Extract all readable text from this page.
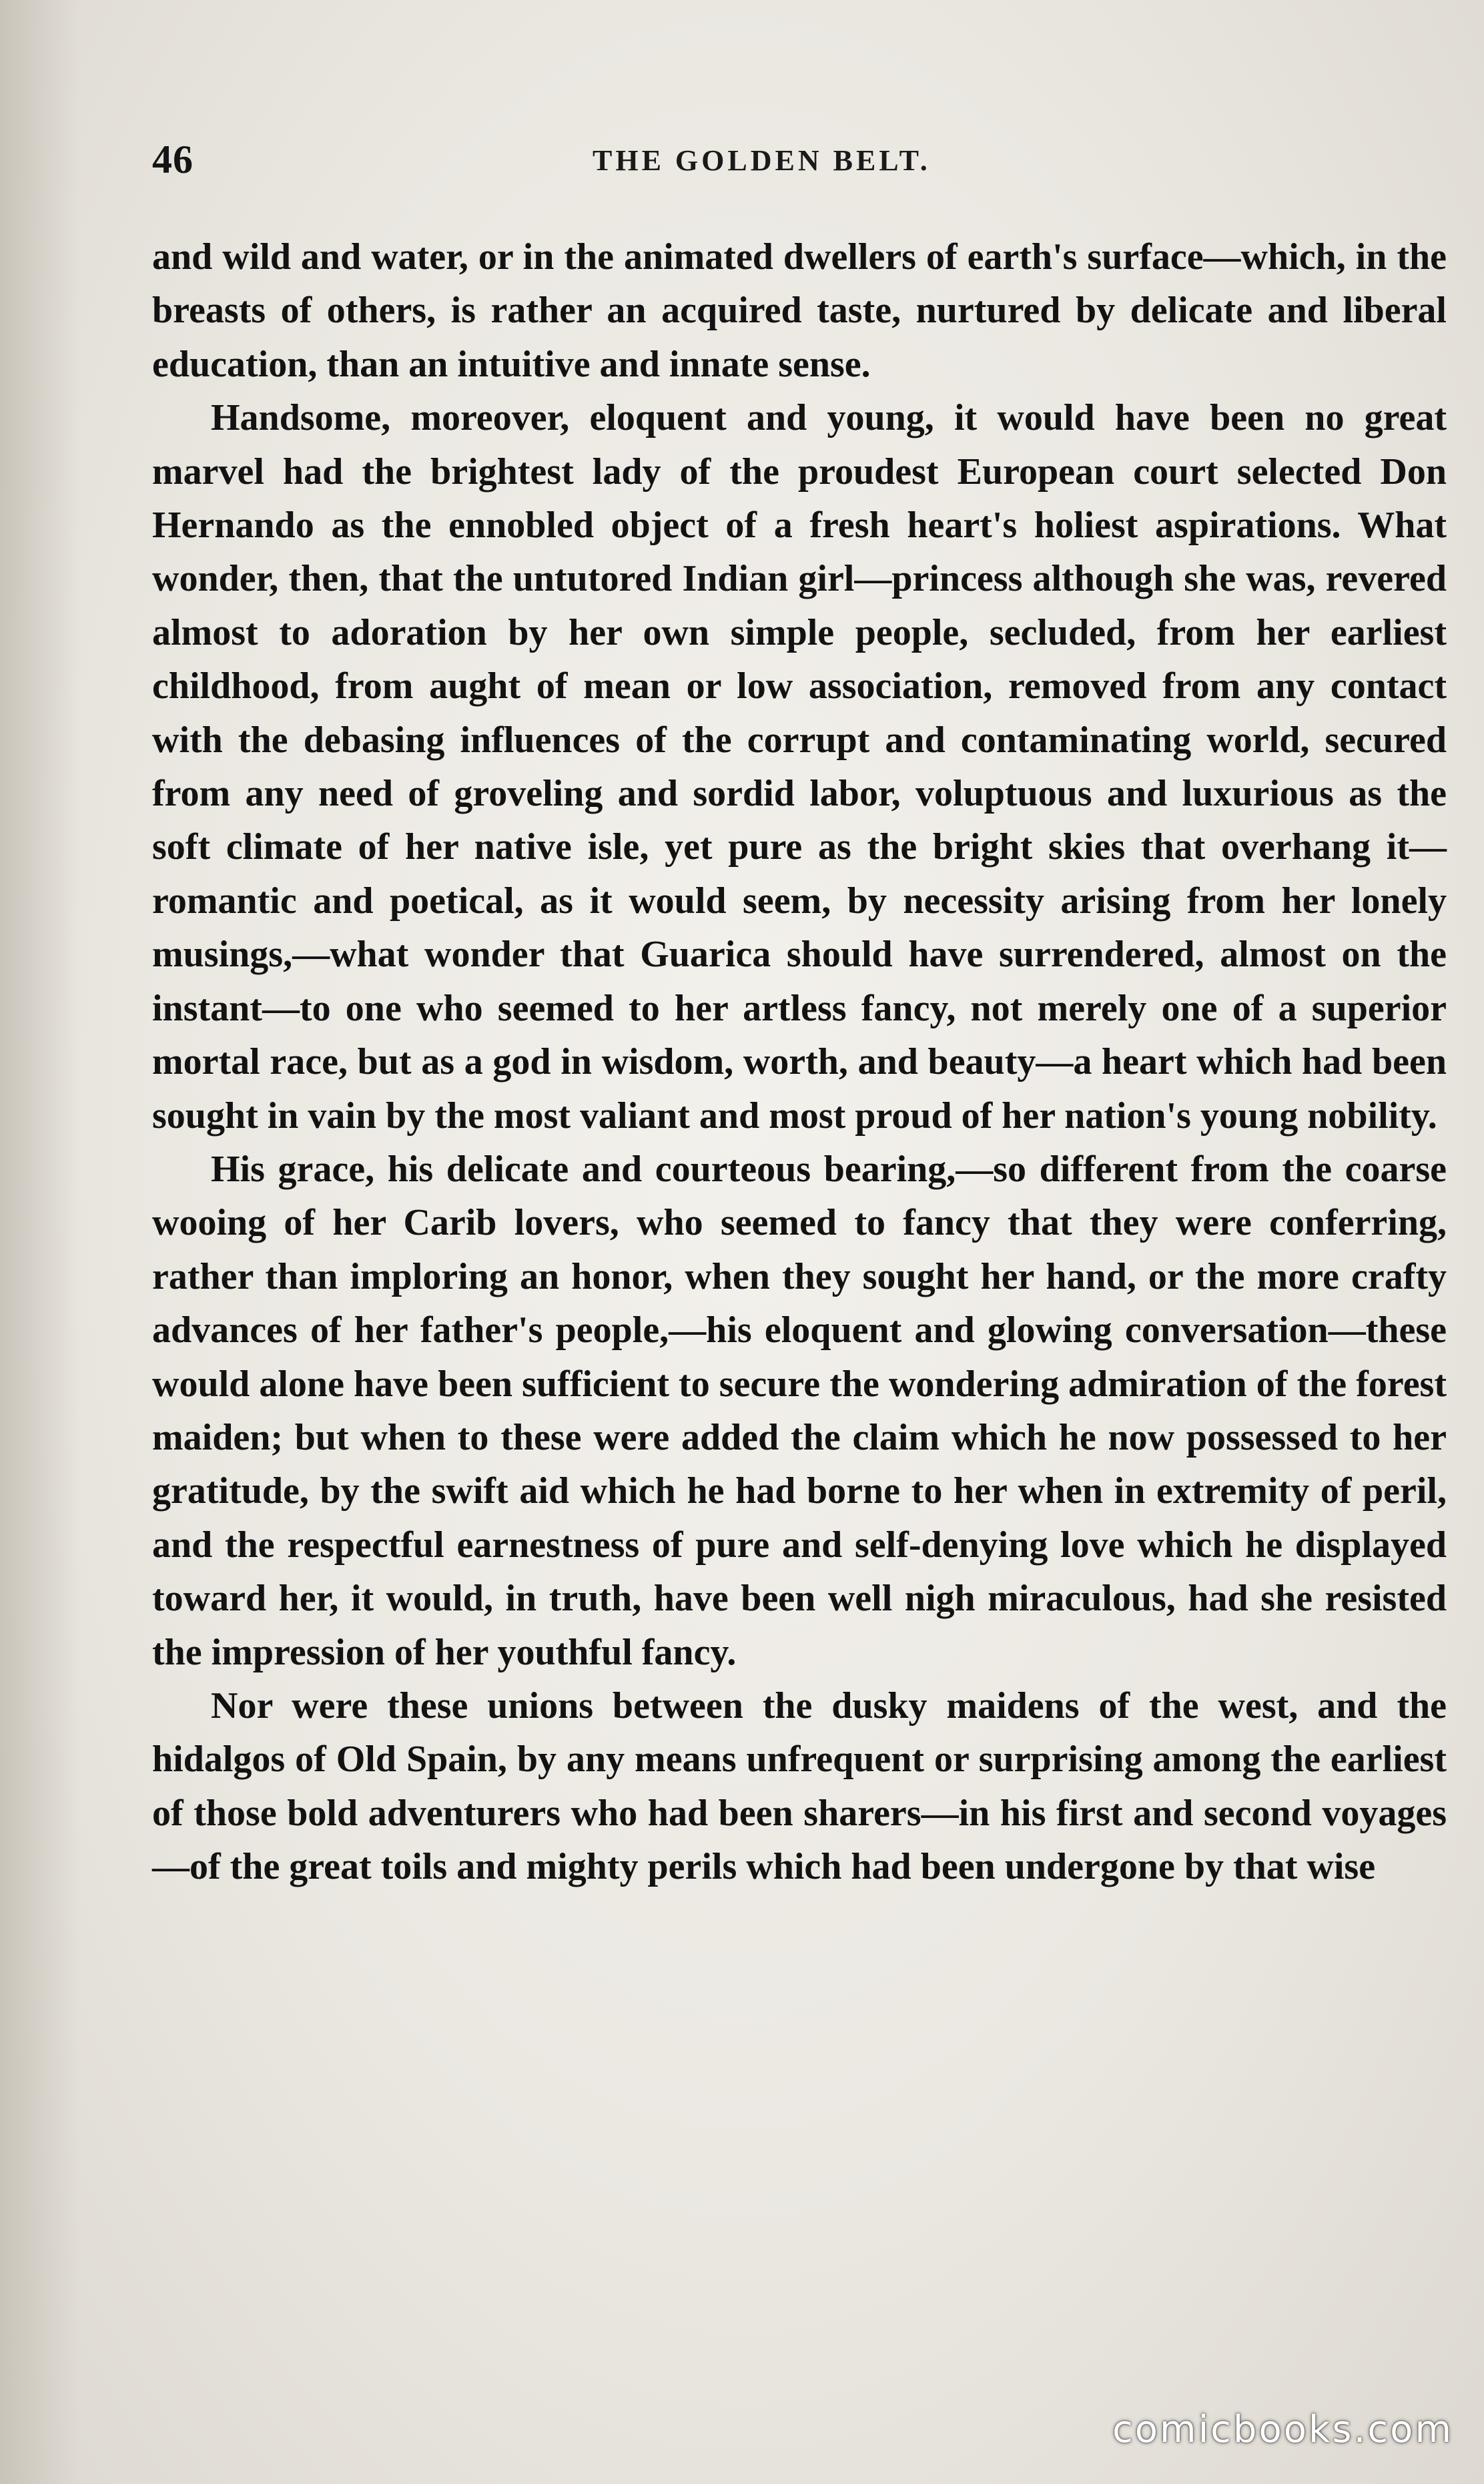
46	THE GOLDEN BELT.

and wild and water, or in the animated dwellers of earth's surface—which, in the breasts of others, is rather an acquired taste, nurtured by delicate and liberal education, than an intuitive and innate sense.

Handsome, moreover, eloquent and young, it would have been no great marvel had the brightest lady of the proudest European court selected Don Hernando as the ennobled object of a fresh heart's holiest aspirations. What wonder, then, that the untutored Indian girl—princess although she was, revered almost to adoration by her own simple people, secluded, from her earliest childhood, from aught of mean or low association, removed from any contact with the debasing influences of the corrupt and contaminating world, secured from any need of groveling and sordid labor, voluptuous and luxurious as the soft climate of her native isle, yet pure as the bright skies that overhang it—romantic and poetical, as it would seem, by necessity arising from her lonely musings,—what wonder that Guarica should have surrendered, almost on the instant—to one who seemed to her artless fancy, not merely one of a superior mortal race, but as a god in wisdom, worth, and beauty—a heart which had been sought in vain by the most valiant and most proud of her nation's young nobility.

His grace, his delicate and courteous bearing,—so different from the coarse wooing of her Carib lovers, who seemed to fancy that they were conferring, rather than imploring an honor, when they sought her hand, or the more crafty advances of her father's people,—his eloquent and glowing conversation—these would alone have been sufficient to secure the wondering admiration of the forest maiden; but when to these were added the claim which he now possessed to her gratitude, by the swift aid which he had borne to her when in extremity of peril, and the respectful earnestness of pure and self-denying love which he displayed toward her, it would, in truth, have been well nigh miraculous, had she resisted the impression of her youthful fancy.

Nor were these unions between the dusky maidens of the west, and the hidalgos of Old Spain, by any means unfrequent or surprising among the earliest of those bold adventurers who had been sharers—in his first and second voyages—of the great toils and mighty perils which had been undergone by that wise

comicbooks.com
